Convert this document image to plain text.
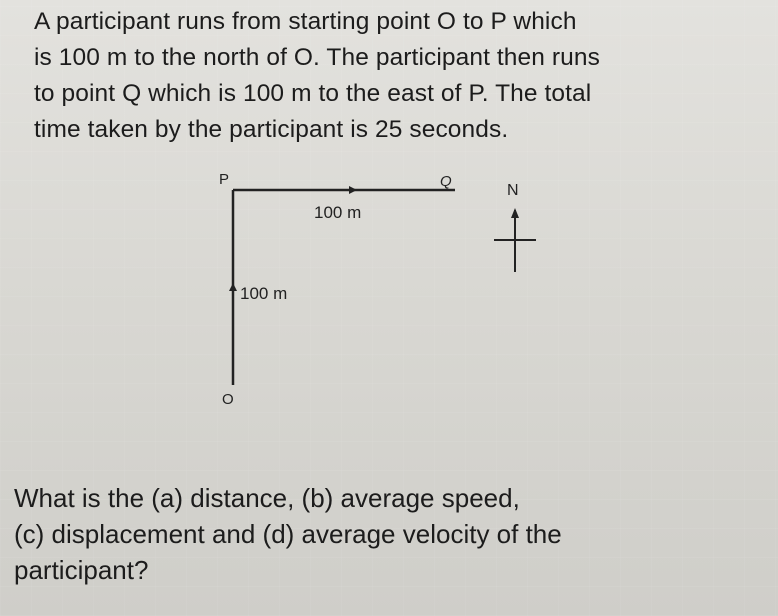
A participant runs from starting point O to P which
is 100 m to the north of O. The participant then runs
to point Q which is 100 m to the east of P. The total
time taken by the participant is 25 seconds.

P	Q
O
100 m
100 m
N

What is the (a) distance, (b) average speed,
(c) displacement and (d) average velocity of the
participant?
